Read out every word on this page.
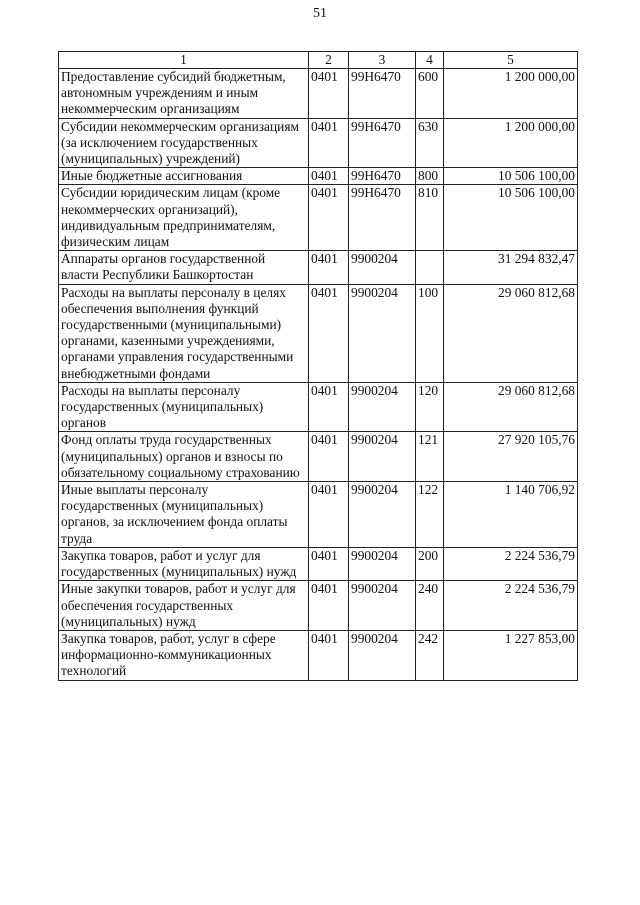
51
1	2	3	4	5
Предоставление субсидий бюджетным, автономным учреждениям и иным некоммерческим организациям	0401	99Н6470	600	1 200 000,00
Субсидии некоммерческим организациям (за исключением государственных (муниципальных) учреждений)	0401	99Н6470	630	1 200 000,00
Иные бюджетные ассигнования	0401	99Н6470	800	10 506 100,00
Субсидии юридическим лицам (кроме некоммерческих организаций), индивидуальным предпринимателям, физическим лицам	0401	99Н6470	810	10 506 100,00
Аппараты органов государственной власти Республики Башкортостан	0401	9900204		31 294 832,47
Расходы на выплаты персоналу в целях обеспечения выполнения функций государственными (муниципальными) органами, казенными учреждениями, органами управления государственными внебюджетными фондами	0401	9900204	100	29 060 812,68
Расходы на выплаты персоналу государственных (муниципальных) органов	0401	9900204	120	29 060 812,68
Фонд оплаты труда государственных (муниципальных) органов и взносы по обязательному социальному страхованию	0401	9900204	121	27 920 105,76
Иные выплаты персоналу государственных (муниципальных) органов, за исключением фонда оплаты труда	0401	9900204	122	1 140 706,92
Закупка товаров, работ и услуг для государственных (муниципальных) нужд	0401	9900204	200	2 224 536,79
Иные закупки товаров, работ и услуг для обеспечения государственных (муниципальных) нужд	0401	9900204	240	2 224 536,79
Закупка товаров, работ, услуг в сфере информационно-коммуникационных технологий	0401	9900204	242	1 227 853,00
